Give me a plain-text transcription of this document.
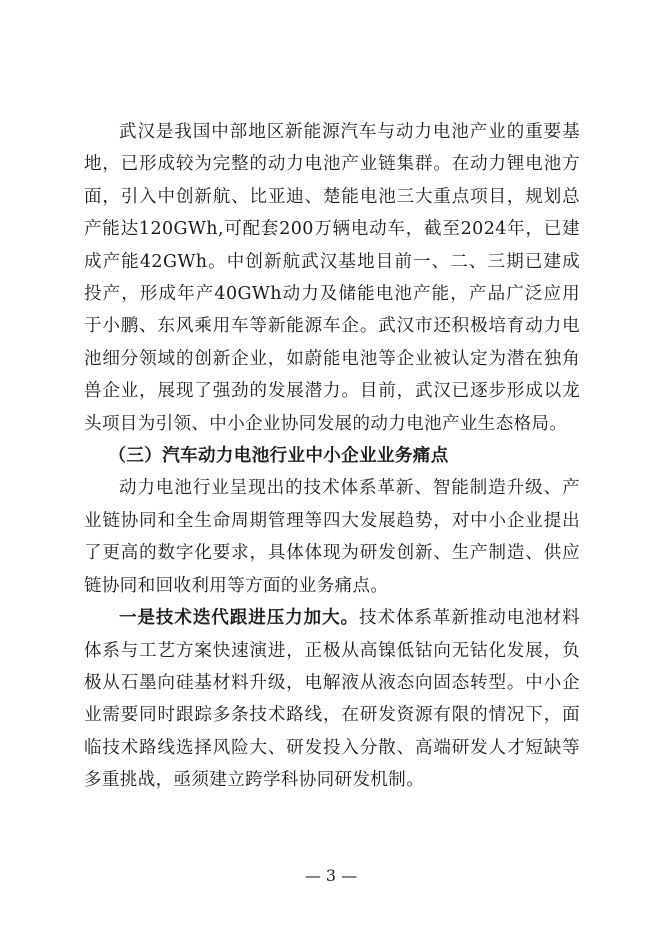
武汉是我国中部地区新能源汽车与动力电池产业的重要基地，已形成较为完整的动力电池产业链集群。在动力锂电池方面，引入中创新航、比亚迪、楚能电池三大重点项目，规划总产能达120GWh,可配套200万辆电动车，截至2024年，已建成产能42GWh。中创新航武汉基地目前一、二、三期已建成投产，形成年产40GWh动力及储能电池产能，产品广泛应用于小鹏、东风乘用车等新能源车企。武汉市还积极培育动力电池细分领域的创新企业，如蔚能电池等企业被认定为潜在独角兽企业，展现了强劲的发展潜力。目前，武汉已逐步形成以龙头项目为引领、中小企业协同发展的动力电池产业生态格局。

（三）汽车动力电池行业中小企业业务痛点

动力电池行业呈现出的技术体系革新、智能制造升级、产业链协同和全生命周期管理等四大发展趋势，对中小企业提出了更高的数字化要求，具体体现为研发创新、生产制造、供应链协同和回收利用等方面的业务痛点。

一是技术迭代跟进压力加大。技术体系革新推动电池材料体系与工艺方案快速演进，正极从高镍低钴向无钴化发展，负极从石墨向硅基材料升级，电解液从液态向固态转型。中小企业需要同时跟踪多条技术路线，在研发资源有限的情况下，面临技术路线选择风险大、研发投入分散、高端研发人才短缺等多重挑战，亟须建立跨学科协同研发机制。

— 3 —
